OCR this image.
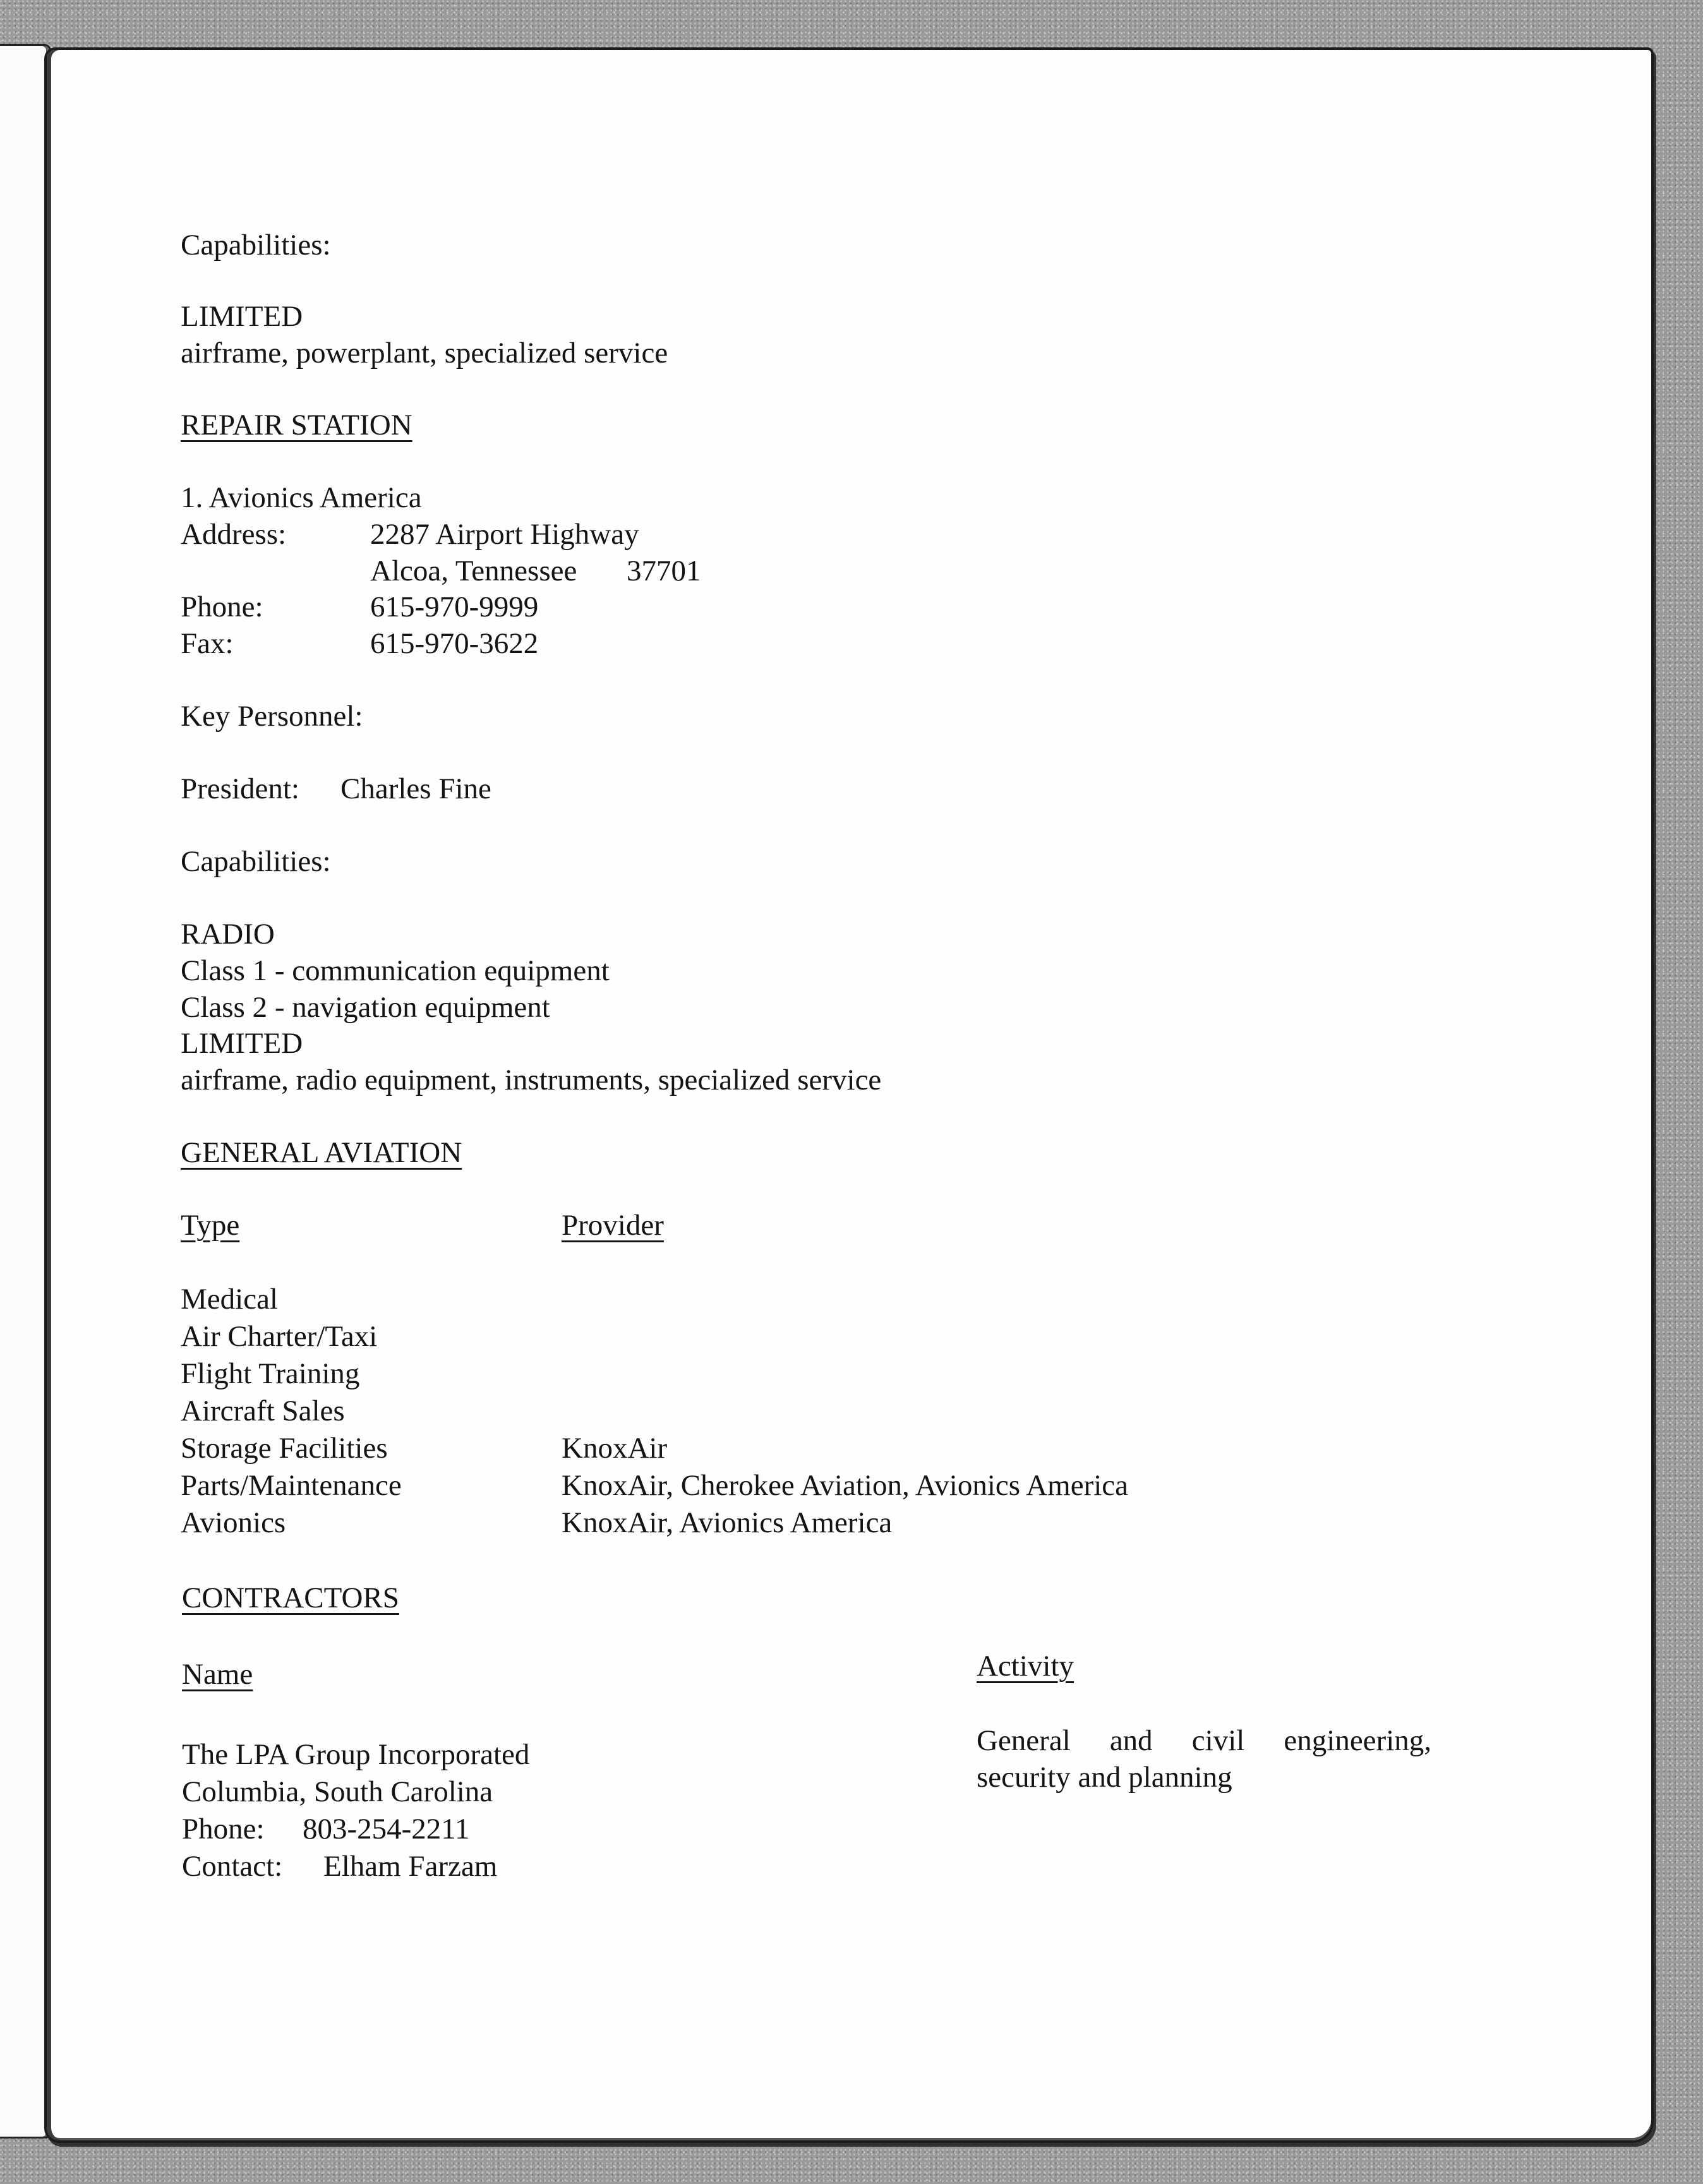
Capabilities:
LIMITED
airframe, powerplant, specialized service
REPAIR STATION
1. Avionics America
Address:	2287 Airport Highway
Alcoa, Tennessee 37701
Phone:	615-970-9999
Fax:	615-970-3622
Key Personnel:
President: Charles Fine
Capabilities:
RADIO
Class 1 - communication equipment
Class 2 - navigation equipment
LIMITED
airframe, radio equipment, instruments, specialized service
GENERAL AVIATION
Type	Provider
Medical
Air Charter/Taxi
Flight Training
Aircraft Sales
Storage Facilities	KnoxAir
Parts/Maintenance	KnoxAir, Cherokee Aviation, Avionics America
Avionics	KnoxAir, Avionics America
CONTRACTORS
Name	Activity
The LPA Group Incorporated
Columbia, South Carolina
Phone: 803-254-2211
Contact: Elham Farzam
General and civil engineering, security and planning
